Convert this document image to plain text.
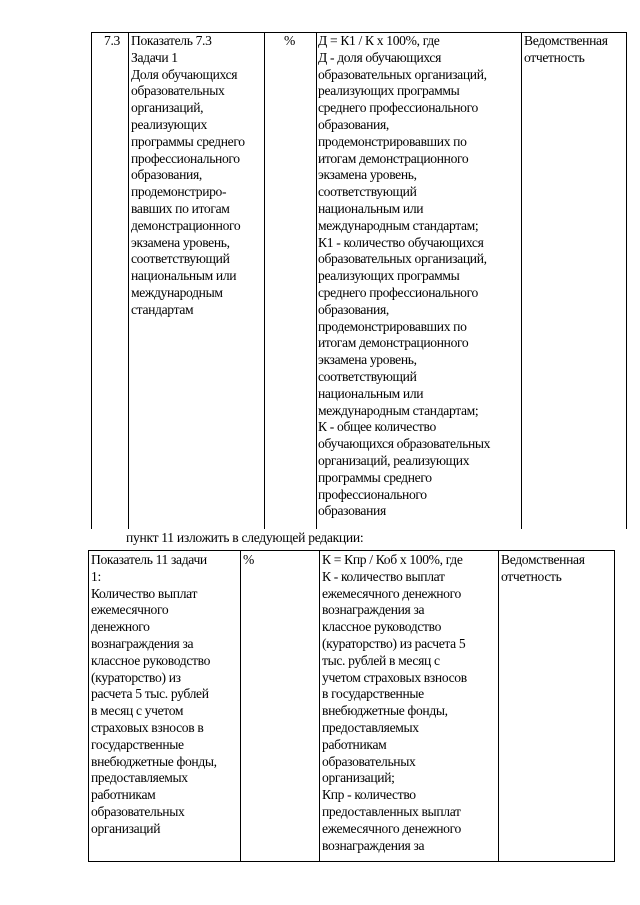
7.3 Показатель 7.3
Задачи 1
Доля обучающихся
образовательных
организаций,
реализующих
программы среднего
профессионального
образования,
продемонстриро-
вавших по итогам
демонстрационного
экзамена уровень,
соответствующий
национальным или
международным
стандартам
% Д = К1 / К х 100%, где
Д - доля обучающихся
образовательных организаций,
реализующих программы
среднего профессионального
образования,
продемонстрировавших по
итогам демонстрационного
экзамена уровень,
соответствующий
национальным или
международным стандартам;
К1 - количество обучающихся
образовательных организаций,
реализующих программы
среднего профессионального
образования,
продемонстрировавших по
итогам демонстрационного
экзамена уровень,
соответствующий
национальным или
международным стандартам;
К - общее количество
обучающихся образовательных
организаций, реализующих
программы среднего
профессионального
образования
Ведомственная
отчетность
пункт 11 изложить в следующей редакции:
Показатель 11 задачи
1:
Количество выплат
ежемесячного
денежного
вознаграждения за
классное руководство
(кураторство) из
расчета 5 тыс. рублей
в месяц с учетом
страховых взносов в
государственные
внебюджетные фонды,
предоставляемых
работникам
образовательных
организаций
%	К = Кпр / Коб х 100%, где
К - количество выплат
ежемесячного денежного
вознаграждения за
классное руководство
(кураторство) из расчета 5
тыс. рублей в месяц с
учетом страховых взносов
в государственные
внебюджетные фонды,
предоставляемых
работникам
образовательных
организаций;
Кпр - количество
предоставленных выплат
ежемесячного денежного
вознаграждения за
Ведомственная
отчетность
